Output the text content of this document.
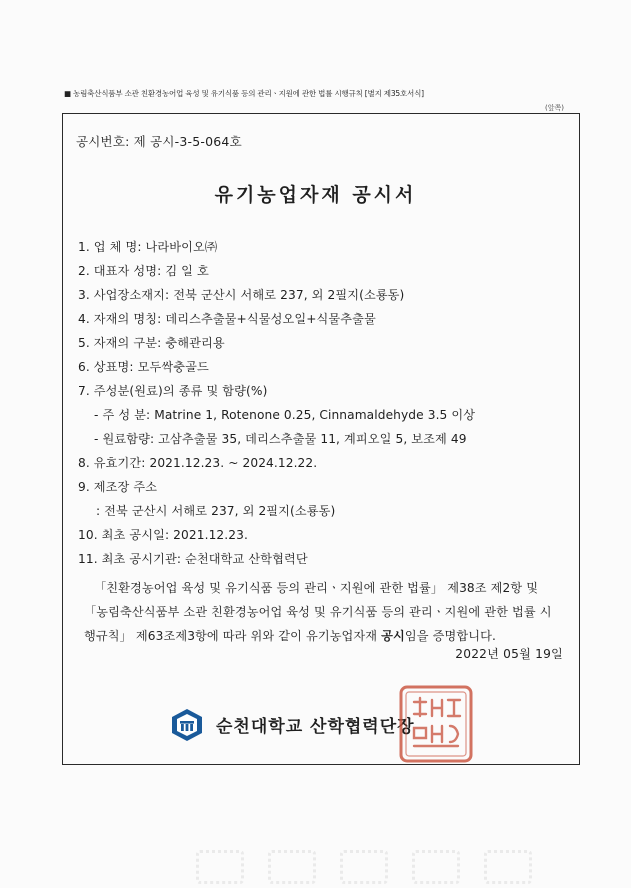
■ 농림축산식품부 소관 친환경농어업 육성 및 유기식품 등의 관리ㆍ지원에 관한 법률 시행규칙 [별지 제35호서식]
(앞쪽)
공시번호: 제 공시-3-5-064호
유기농업자재 공시서
1. 업 체 명: 나라바이오㈜
2. 대표자 성명: 김 일 호
3. 사업장소재지: 전북 군산시 서해로 237, 외 2필지(소룡동)
4. 자재의 명칭: 데리스추출물+식물성오일+식물추출물
5. 자재의 구분: 충해관리용
6. 상표명: 모두싹충골드
7. 주성분(원료)의 종류 및 함량(%)
- 주 성 분: Matrine 1, Rotenone 0.25, Cinnamaldehyde 3.5 이상
- 원료함량: 고삼추출물 35, 데리스추출물 11, 계피오일 5, 보조제 49
8. 유효기간: 2021.12.23. ~ 2024.12.22.
9. 제조장 주소
: 전북 군산시 서해로 237, 외 2필지(소룡동)
10. 최초 공시일: 2021.12.23.
11. 최초 공시기관: 순천대학교 산학협력단
「친환경농어업 육성 및 유기식품 등의 관리ㆍ지원에 관한 법률」 제38조 제2항 및 「농림축산식품부 소관 친환경농어업 육성 및 유기식품 등의 관리ㆍ지원에 관한 법률 시행규칙」 제63조제3항에 따라 위와 같이 유기농업자재 공시임을 증명합니다.
2022년 05월 19일
순천대학교 산학협력단장
